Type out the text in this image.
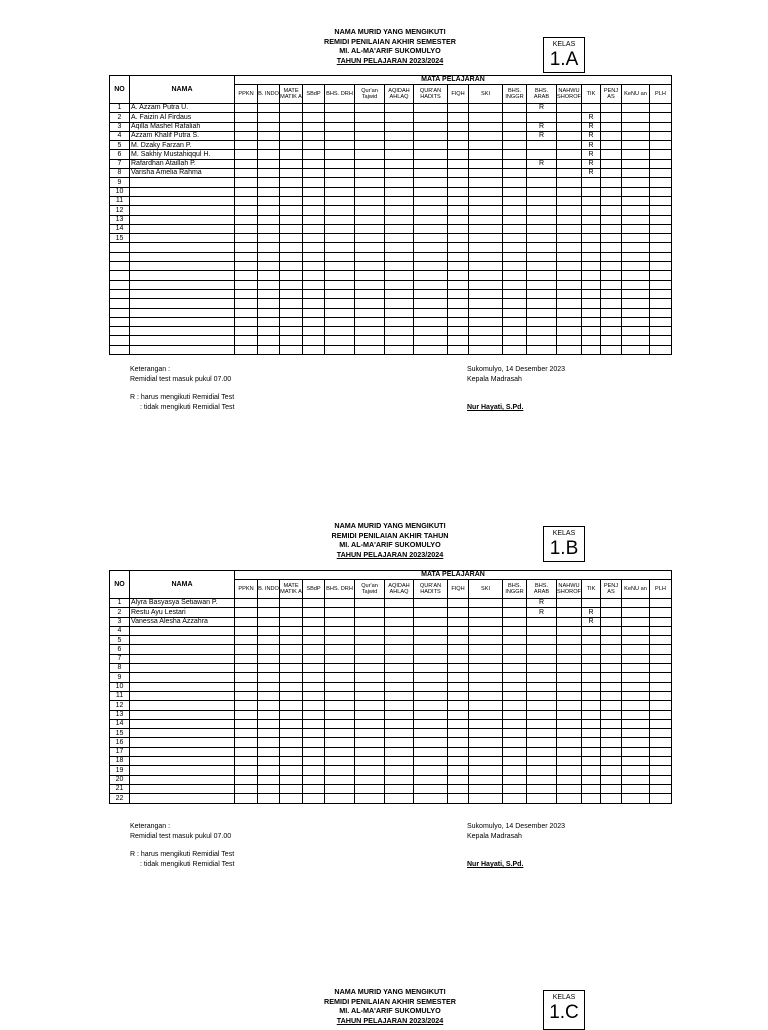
NAMA MURID YANG MENGIKUTI
REMIDI PENILAIAN AKHIR SEMESTER
MI. AL-MA'ARIF SUKOMULYO
TAHUN PELAJARAN 2023/2024
KELAS
1.A
NO	NAMA	MATA PELAJARAN																
		PPKN	B. INDO	MATE MATIK A	SBdP	BHS. DRH	Qur'an Tajwid	AQIDAH AHLAQ	QUR'AN HADITS	FIQH	SKI	BHS. INGGR	BHS. ARAB	NAHWU SHOROF	TIK	PENJ AS	KeNU an	PLH
1	A. Azzam Putra U.												R					
2	A. Faizin Al Firdaus														R			
3	Aqilla Mashel Rafaliah												R		R			
4	Azzam Khalif Putra S.												R		R			
5	M. Dzaky Farzan P.														R			
6	M. Sakhiy Mustahiqqul H.														R			
7	Rafardhan Ataillah P.												R		R			
8	Varisha Amelia Rahma														R			
9																		
10																		
11																		
12																		
13																		
14																		
15																		

Keterangan :
Remidial test masuk pukul 07.00
R : harus mengikuti Remidial Test
: tidak mengikuti Remidial Test
Sukomulyo, 14 Desember 2023
Kepala Madrasah
Nur Hayati, S.Pd.
NAMA MURID YANG MENGIKUTI
REMIDI PENILAIAN AKHIR TAHUN
MI. AL-MA'ARIF SUKOMULYO
TAHUN PELAJARAN 2023/2024
KELAS
1.B
NO	NAMA	MATA PELAJARAN																
		PPKN	B. INDO	MATE MATIK A	SBdP	BHS. DRH	Qur'an Tajwid	AQIDAH AHLAQ	QUR'AN HADITS	FIQH	SKI	BHS. INGGR	BHS. ARAB	NAHWU SHOROF	TIK	PENJ AS	KeNU an	PLH
1	Alyra Basyasya Setiawan P.												R					
2	Restu Ayu Lestari												R		R			
3	Vanessa Alesha Azzahra														R			
4																		
5																		
6																		
7																		
8																		
9																		
10																		
11																		
12																		
13																		
14																		
15																		
16																		
17																		
18																		
19																		
20																		
21																		
22																		
Keterangan :
Remidial test masuk pukul 07.00
R : harus mengikuti Remidial Test
: tidak mengikuti Remidial Test
Sukomulyo, 14 Desember 2023
Kepala Madrasah
Nur Hayati, S.Pd.
NAMA MURID YANG MENGIKUTI
REMIDI PENILAIAN AKHIR SEMESTER
MI. AL-MA'ARIF SUKOMULYO
TAHUN PELAJARAN 2023/2024
KELAS
1.C
